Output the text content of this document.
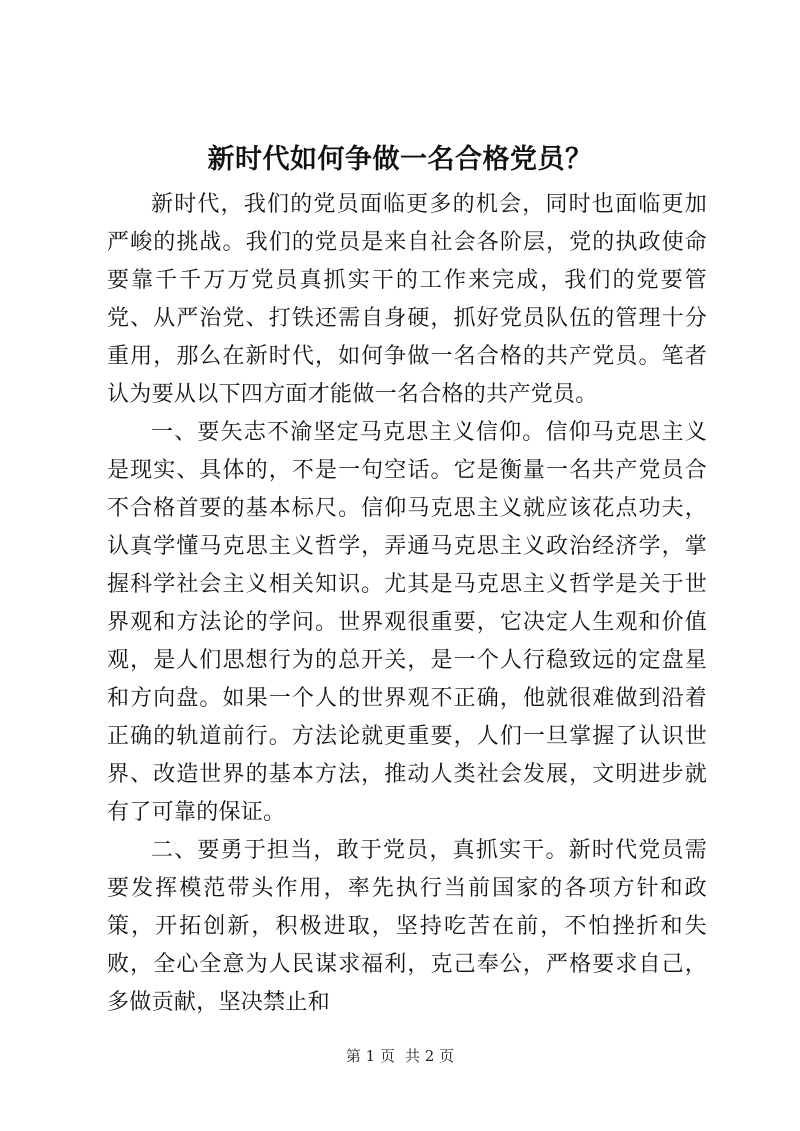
新时代如何争做一名合格党员？

新时代，我们的党员面临更多的机会，同时也面临更加严峻的挑战。我们的党员是来自社会各阶层，党的执政使命要靠千千万万党员真抓实干的工作来完成，我们的党要管党、从严治党、打铁还需自身硬，抓好党员队伍的管理十分重用，那么在新时代，如何争做一名合格的共产党员。笔者认为要从以下四方面才能做一名合格的共产党员。

一、要矢志不渝坚定马克思主义信仰。信仰马克思主义是现实、具体的，不是一句空话。它是衡量一名共产党员合不合格首要的基本标尺。信仰马克思主义就应该花点功夫，认真学懂马克思主义哲学，弄通马克思主义政治经济学，掌握科学社会主义相关知识。尤其是马克思主义哲学是关于世界观和方法论的学问。世界观很重要，它决定人生观和价值观，是人们思想行为的总开关，是一个人行稳致远的定盘星和方向盘。如果一个人的世界观不正确，他就很难做到沿着正确的轨道前行。方法论就更重要，人们一旦掌握了认识世界、改造世界的基本方法，推动人类社会发展，文明进步就有了可靠的保证。

二、要勇于担当，敢于党员，真抓实干。新时代党员需要发挥模范带头作用，率先执行当前国家的各项方针和政策，开拓创新，积极进取，坚持吃苦在前，不怕挫折和失败，全心全意为人民谋求福利，克己奉公，严格要求自己，多做贡献，坚决禁止和

第 1 页 共 2 页
